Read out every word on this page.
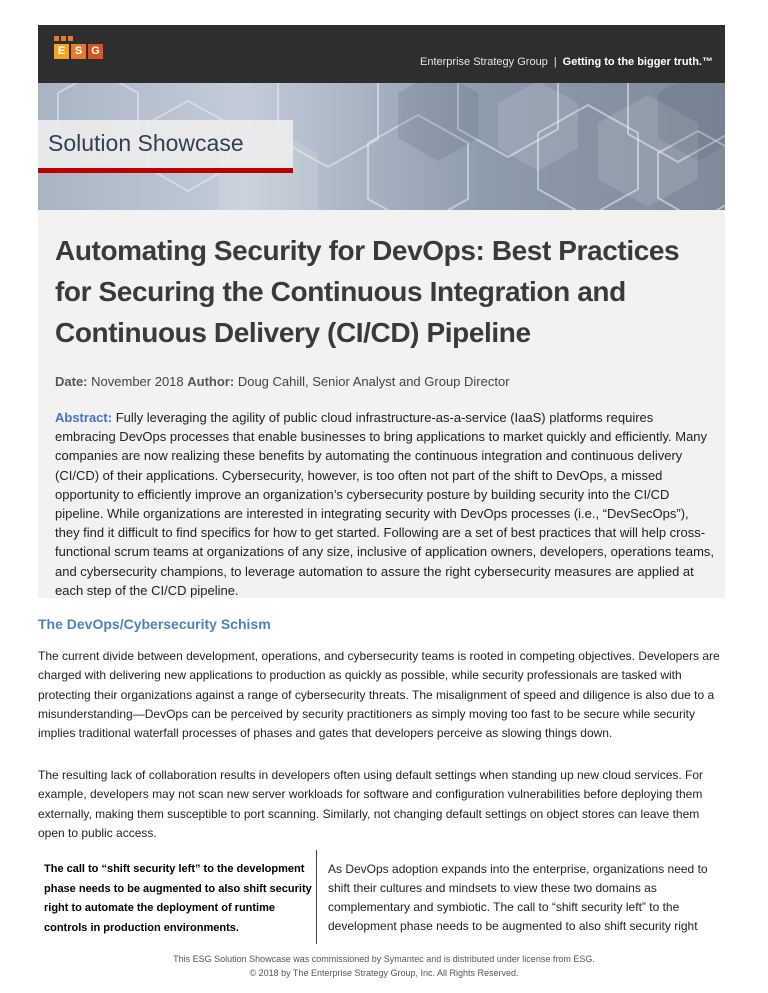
E S G
Enterprise Strategy Group | Getting to the bigger truth.™
Solution Showcase
Automating Security for DevOps: Best Practices
for Securing the Continuous Integration and
Continuous Delivery (CI/CD) Pipeline
Date: November 2018 Author: Doug Cahill, Senior Analyst and Group Director
Abstract: Fully leveraging the agility of public cloud infrastructure-as-a-service (IaaS) platforms requires embracing DevOps processes that enable businesses to bring applications to market quickly and efficiently. Many companies are now realizing these benefits by automating the continuous integration and continuous delivery (CI/CD) of their applications. Cybersecurity, however, is too often not part of the shift to DevOps, a missed opportunity to efficiently improve an organization’s cybersecurity posture by building security into the CI/CD pipeline. While organizations are interested in integrating security with DevOps processes (i.e., “DevSecOps”), they find it difficult to find specifics for how to get started. Following are a set of best practices that will help cross-functional scrum teams at organizations of any size, inclusive of application owners, developers, operations teams, and cybersecurity champions, to leverage automation to assure the right cybersecurity measures are applied at each step of the CI/CD pipeline.
The DevOps/Cybersecurity Schism
The current divide between development, operations, and cybersecurity teams is rooted in competing objectives. Developers are charged with delivering new applications to production as quickly as possible, while security professionals are tasked with protecting their organizations against a range of cybersecurity threats. The misalignment of speed and diligence is also due to a misunderstanding—DevOps can be perceived by security practitioners as simply moving too fast to be secure while security implies traditional waterfall processes of phases and gates that developers perceive as slowing things down.
The resulting lack of collaboration results in developers often using default settings when standing up new cloud services. For example, developers may not scan new server workloads for software and configuration vulnerabilities before deploying them externally, making them susceptible to port scanning. Similarly, not changing default settings on object stores can leave them open to public access.
The call to “shift security left” to the development phase needs to be augmented to also shift security right to automate the deployment of runtime controls in production environments.
As DevOps adoption expands into the enterprise, organizations need to shift their cultures and mindsets to view these two domains as complementary and symbiotic. The call to “shift security left” to the development phase needs to be augmented to also shift security right
This ESG Solution Showcase was commissioned by Symantec and is distributed under license from ESG.
© 2018 by The Enterprise Strategy Group, Inc. All Rights Reserved.
